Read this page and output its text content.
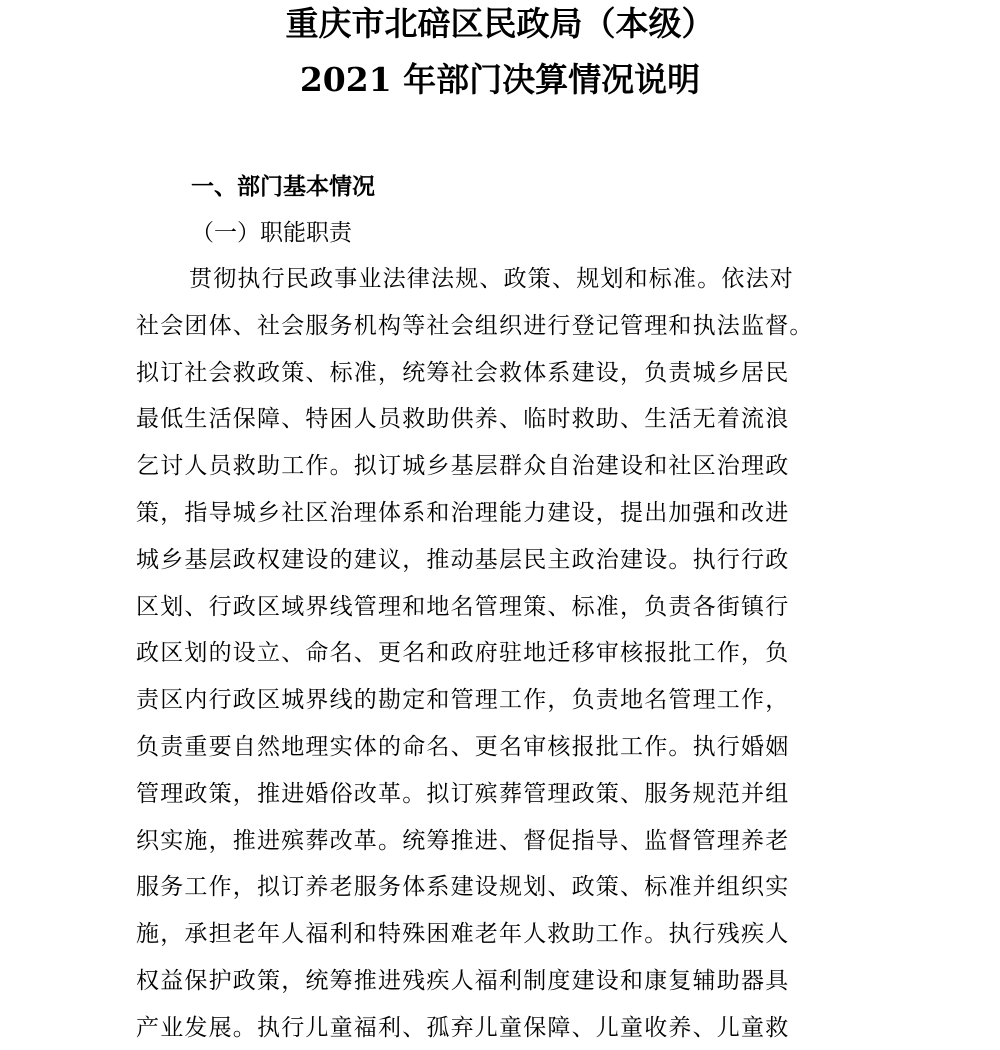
重庆市北碚区民政局（本级）
2021 年部门决算情况说明
一、部门基本情况
（一）职能职责
贯彻执行民政事业法律法规、政策、规划和标准。依法对
社会团体、社会服务机构等社会组织进行登记管理和执法监督。
拟订社会救政策、标准，统筹社会救体系建设，负责城乡居民
最低生活保障、特困人员救助供养、临时救助、生活无着流浪
乞讨人员救助工作。拟订城乡基层群众自治建设和社区治理政
策，指导城乡社区治理体系和治理能力建设，提出加强和改进
城乡基层政权建设的建议，推动基层民主政治建设。执行行政
区划、行政区域界线管理和地名管理策、标准，负责各街镇行
政区划的设立、命名、更名和政府驻地迁移审核报批工作，负
责区内行政区城界线的勘定和管理工作，负责地名管理工作，
负责重要自然地理实体的命名、更名审核报批工作。执行婚姻
管理政策，推进婚俗改革。拟订殡葬管理政策、服务规范并组
织实施，推进殡葬改革。统筹推进、督促指导、监督管理养老
服务工作，拟订养老服务体系建设规划、政策、标准并组织实
施，承担老年人福利和特殊困难老年人救助工作。执行残疾人
权益保护政策，统筹推进残疾人福利制度建设和康复辅助器具
产业发展。执行儿童福利、孤弃儿童保障、儿童收养、儿童救
